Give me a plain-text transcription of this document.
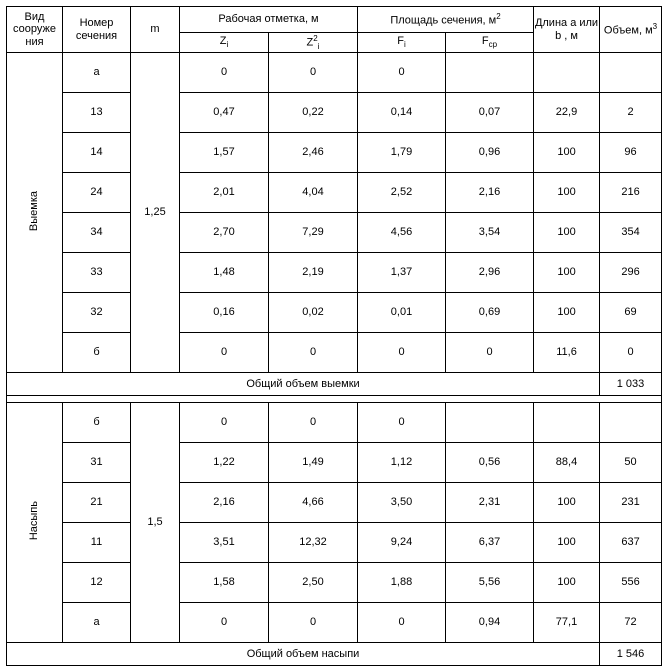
Вид сооруже ния	Номер сечения	m	Рабочая отметка, м		Площадь сечения, $м^2$		Длина а или b , м	Объем, $м^3$
			$Z_i$	$Z^2_i$	$F_i$	$F_{ср}$
Выемка	а	1,25	0	0	0			
	13		0,47	0,22	0,14	0,07	22,9	2
	14		1,57	2,46	1,79	0,96	100	96
	24		2,01	4,04	2,52	2,16	100	216
	34		2,70	7,29	4,56	3,54	100	354
	33		1,48	2,19	1,37	2,96	100	296
	32		0,16	0,02	0,01	0,69	100	69
	б		0	0	0	0	11,6	0
Общий объем выемки								1 033

Насыпь	б	1,5	0	0	0			
	31		1,22	1,49	1,12	0,56	88,4	50
	21		2,16	4,66	3,50	2,31	100	231
	11		3,51	12,32	9,24	6,37	100	637
	12		1,58	2,50	1,88	5,56	100	556
	а		0	0	0	0,94	77,1	72
Общий объем насыпи								1 546
